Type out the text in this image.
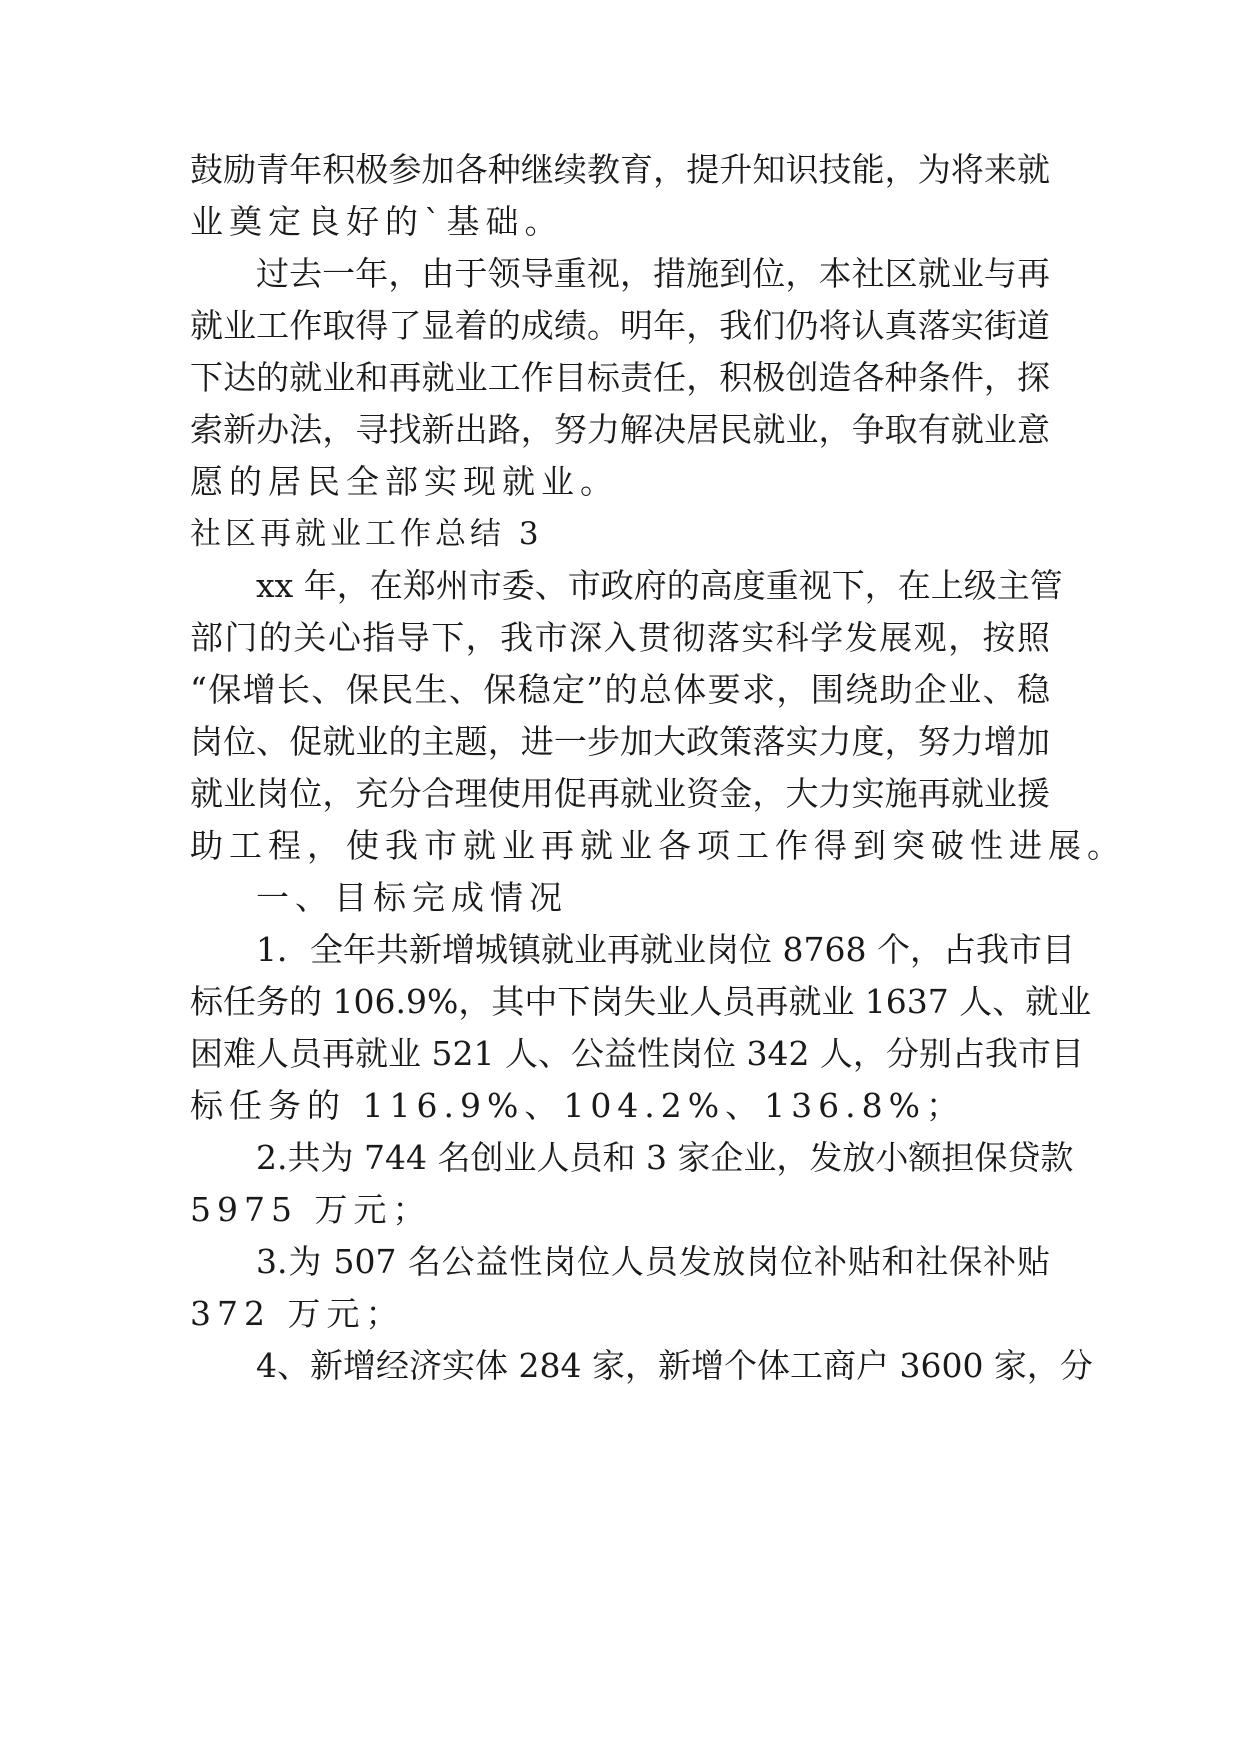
鼓励青年积极参加各种继续教育，提升知识技能，为将来就
业奠定良好的`基础。
过去一年，由于领导重视，措施到位，本社区就业与再
就业工作取得了显着的成绩。明年，我们仍将认真落实街道
下达的就业和再就业工作目标责任，积极创造各种条件，探
索新办法，寻找新出路，努力解决居民就业，争取有就业意
愿的居民全部实现就业。
社区再就业工作总结 3
xx 年，在郑州市委、市政府的高度重视下，在上级主管
部门的关心指导下，我市深入贯彻落实科学发展观，按照
“保增长、保民生、保稳定”的总体要求，围绕助企业、稳
岗位、促就业的主题，进一步加大政策落实力度，努力增加
就业岗位，充分合理使用促再就业资金，大力实施再就业援
助工程，使我市就业再就业各项工作得到突破性进展。
一、目标完成情况
1．全年共新增城镇就业再就业岗位 8768 个，占我市目
标任务的 106.9%，其中下岗失业人员再就业 1637 人、就业
困难人员再就业 521 人、公益性岗位 342 人，分别占我市目
标任务的 116.9%、104.2%、136.8%；
2.共为 744 名创业人员和 3 家企业，发放小额担保贷款
5975 万元；
3.为 507 名公益性岗位人员发放岗位补贴和社保补贴
372 万元；
4、新增经济实体 284 家，新增个体工商户 3600 家，分
